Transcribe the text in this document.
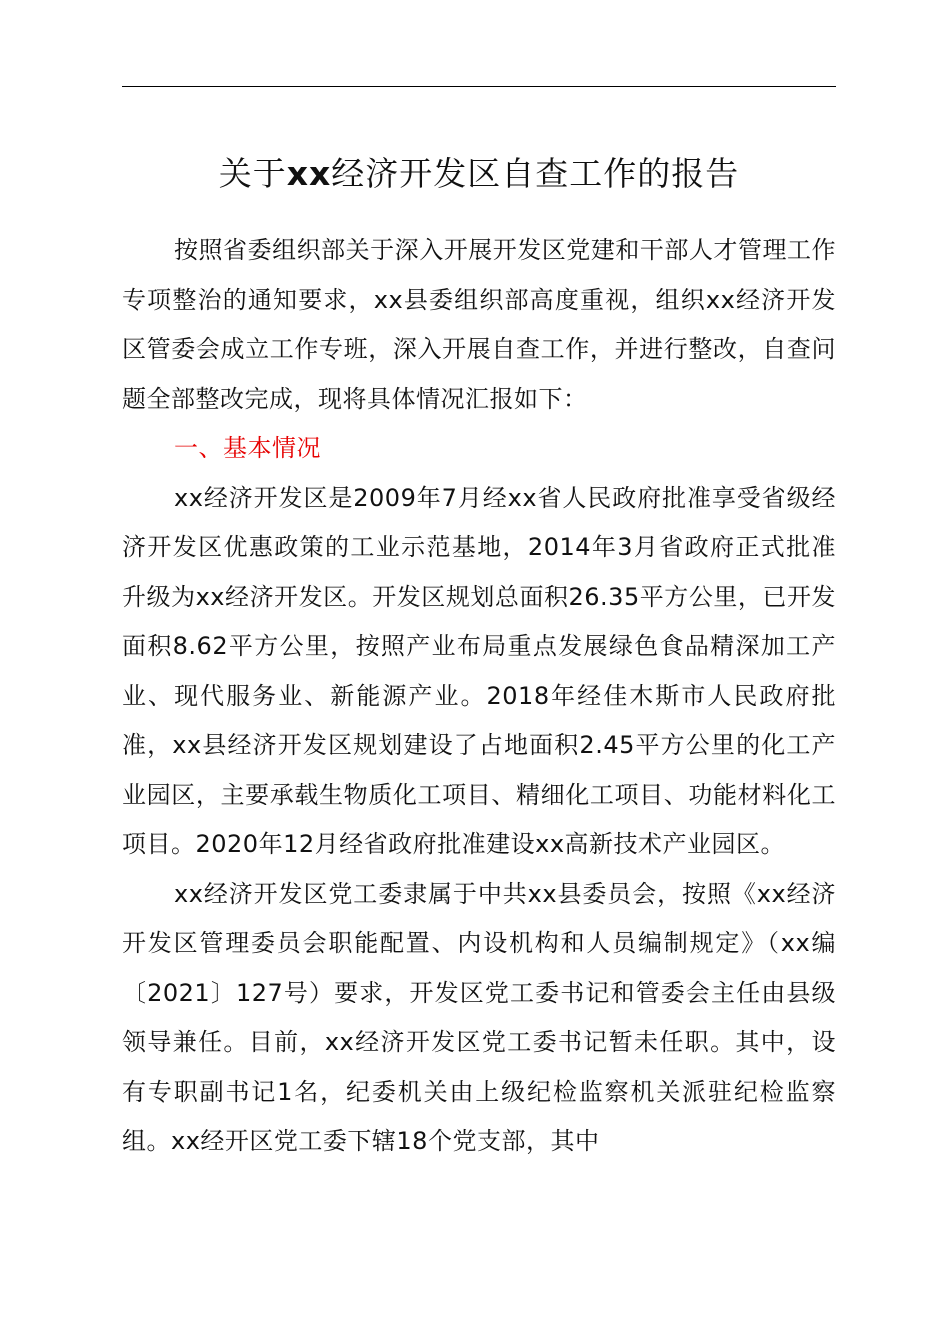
关于xx经济开发区自查工作的报告

按照省委组织部关于深入开展开发区党建和干部人才管理工作专项整治的通知要求，xx县委组织部高度重视，组织xx经济开发区管委会成立工作专班，深入开展自查工作，并进行整改，自查问题全部整改完成，现将具体情况汇报如下：

一、基本情况

xx经济开发区是2009年7月经xx省人民政府批准享受省级经济开发区优惠政策的工业示范基地，2014年3月省政府正式批准升级为xx经济开发区。开发区规划总面积26.35平方公里，已开发面积8.62平方公里，按照产业布局重点发展绿色食品精深加工产业、现代服务业、新能源产业。2018年经佳木斯市人民政府批准，xx县经济开发区规划建设了占地面积2.45平方公里的化工产业园区，主要承载生物质化工项目、精细化工项目、功能材料化工项目。2020年12月经省政府批准建设xx高新技术产业园区。

xx经济开发区党工委隶属于中共xx县委员会，按照《xx经济开发区管理委员会职能配置、内设机构和人员编制规定》（xx编〔2021〕127号）要求，开发区党工委书记和管委会主任由县级领导兼任。目前，xx经济开发区党工委书记暂未任职。其中，设有专职副书记1名，纪委机关由上级纪检监察机关派驻纪检监察组。xx经开区党工委下辖18个党支部，其中
